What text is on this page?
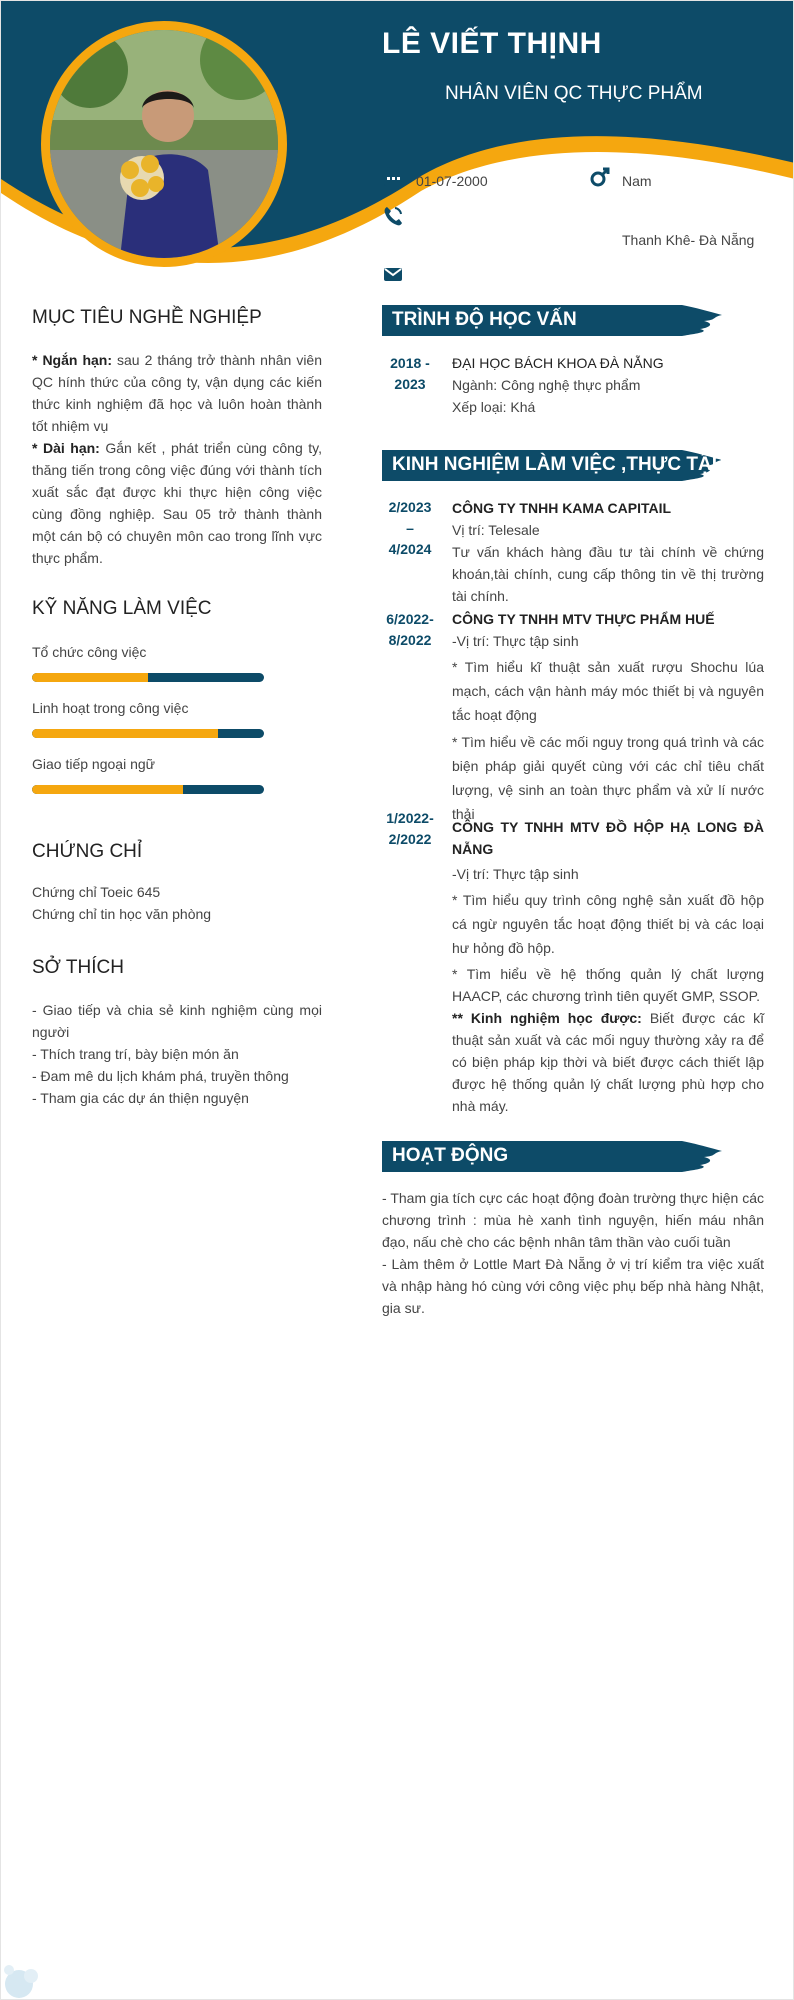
LÊ VIẾT THỊNH
NHÂN VIÊN QC THỰC PHẨM
01-07-2000	Nam
Thanh Khê- Đà Nẵng
MỤC TIÊU NGHỀ NGHIỆP
* Ngắn hạn: sau 2 tháng trở thành nhân viên QC hính thức của công ty, vận dụng các kiến thức kinh nghiệm đã học và luôn hoàn thành tốt nhiệm vụ
* Dài hạn: Gắn kết , phát triển cùng công ty, thăng tiến trong công việc đúng với thành tích xuất sắc đạt được khi thực hiện công việc cùng đồng nghiệp. Sau 05 trở thành thành một cán bộ có chuyên môn cao trong lĩnh vực thực phẩm.
KỸ NĂNG LÀM VIỆC
Tổ chức công việc
Linh hoạt trong công việc
Giao tiếp ngoại ngữ
CHỨNG CHỈ
Chứng chỉ Toeic 645
Chứng chỉ tin học văn phòng
SỞ THÍCH
- Giao tiếp và chia sẻ kinh nghiệm cùng mọi người
- Thích trang trí, bày biện món ăn
- Đam mê du lịch khám phá, truyền thông
- Tham gia các dự án thiện nguyện
TRÌNH ĐỘ HỌC VẤN
2018 -
2023
ĐẠI HỌC BÁCH KHOA ĐÀ NẴNG
Ngành: Công nghệ thực phẩm
Xếp loại: Khá
KINH NGHIỆM LÀM VIỆC ,THỰC TẬP
2/2023
–
4/2024
CÔNG TY TNHH KAMA CAPITAIL
Vị trí: Telesale
Tư vấn khách hàng đầu tư tài chính về chứng khoán,tài chính, cung cấp thông tin về thị trường tài chính.
6/2022-
8/2022
CÔNG TY TNHH MTV THỰC PHẨM HUẾ
-Vị trí: Thực tập sinh
* Tìm hiểu kĩ thuật sản xuất rượu Shochu lúa mạch, cách vận hành máy móc thiết bị và nguyên tắc hoạt động
* Tìm hiểu về các mối nguy trong quá trình và các biện pháp giải quyết cùng với các chỉ tiêu chất lượng, vệ sinh an toàn thực phẩm và xử lí nước thải
1/2022-
2/2022
CÔNG TY TNHH MTV ĐỒ HỘP HẠ LONG ĐÀ NẴNG
-Vị trí: Thực tập sinh
* Tìm hiểu quy trình công nghệ sản xuất đồ hộp cá ngừ nguyên tắc hoạt động thiết bị và các loại hư hỏng đồ hộp.
* Tìm hiểu về hệ thống quản lý chất lượng HAACP, các chương trình tiên quyết GMP, SSOP.
** Kinh nghiệm học được: Biết được các kĩ thuật sản xuất và các mối nguy thường xảy ra để có biện pháp kịp thời và biết được cách thiết lập được hệ thống quản lý chất lượng phù hợp cho nhà máy.
HOẠT ĐỘNG
- Tham gia tích cực các hoạt động đoàn trường thực hiện các chương trình : mùa hè xanh tình nguyện, hiến máu nhân đạo, nấu chè cho các bệnh nhân tâm thần vào cuối tuần
- Làm thêm ở Lottle Mart Đà Nẵng ở vị trí kiểm tra việc xuất và nhập hàng hó cùng với công việc phụ bếp nhà hàng Nhật, gia sư.
